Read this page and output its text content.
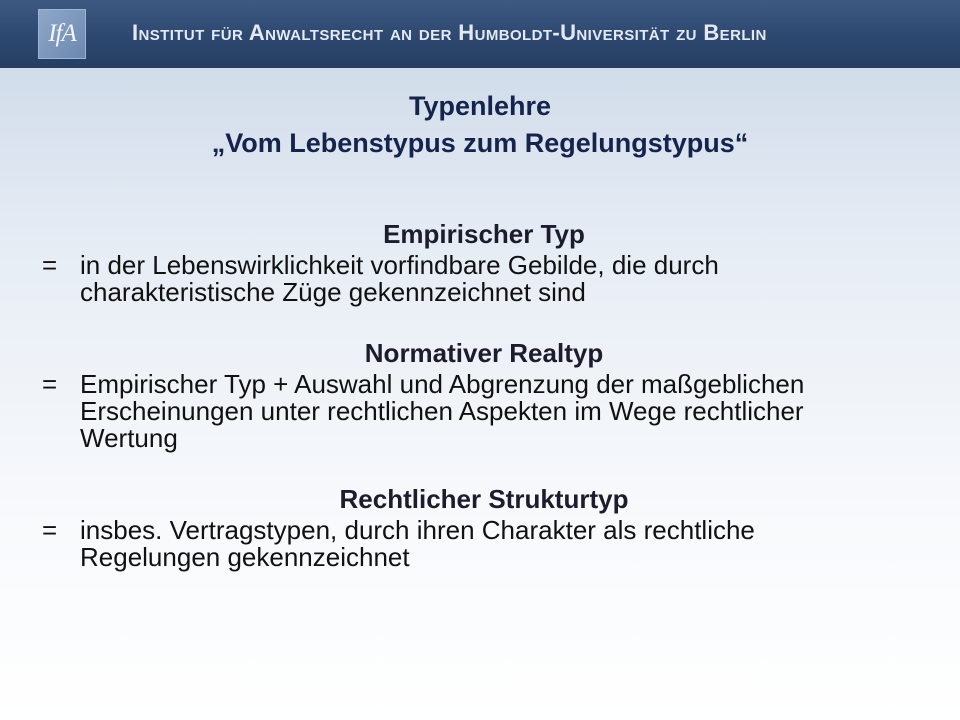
IfA	Institut für Anwaltsrecht an der Humboldt-Universität zu Berlin
Typenlehre
„Vom Lebenstypus zum Regelungstypus“
Empirischer Typ
= in der Lebenswirklichkeit vorfindbare Gebilde, die durch charakteristische Züge gekennzeichnet sind
Normativer Realtyp
= Empirischer Typ + Auswahl und Abgrenzung der maßgeblichen Erscheinungen unter rechtlichen Aspekten im Wege rechtlicher Wertung
Rechtlicher Strukturtyp
= insbes. Vertragstypen, durch ihren Charakter als rechtliche Regelungen gekennzeichnet
